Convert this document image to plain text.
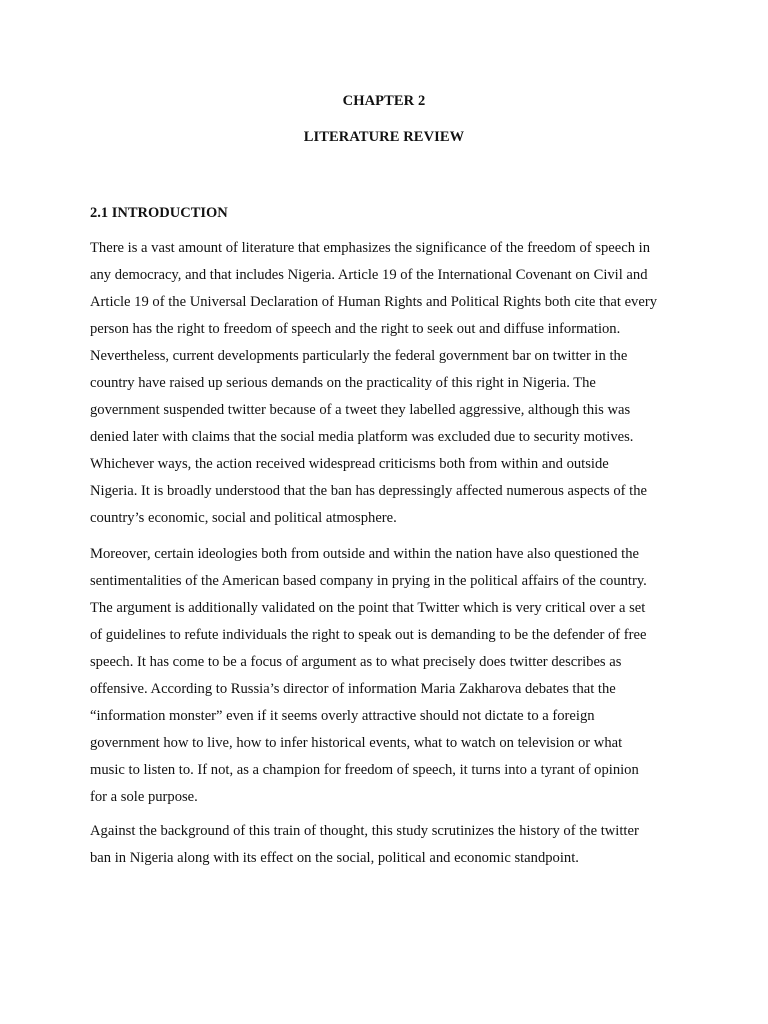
CHAPTER 2
LITERATURE REVIEW
2.1 INTRODUCTION
There is a vast amount of literature that emphasizes the significance of the freedom of speech in
any democracy, and that includes Nigeria. Article 19 of the International Covenant on Civil and
Article 19 of the Universal Declaration of Human Rights and Political Rights both cite that every
person has the right to freedom of speech and the right to seek out and diffuse information.
Nevertheless, current developments particularly the federal government bar on twitter in the
country have raised up serious demands on the practicality of this right in Nigeria. The
government suspended twitter because of a tweet they labelled aggressive, although this was
denied later with claims that the social media platform was excluded due to security motives.
Whichever ways, the action received widespread criticisms both from within and outside
Nigeria. It is broadly understood that the ban has depressingly affected numerous aspects of the
country’s economic, social and political atmosphere.
Moreover, certain ideologies both from outside and within the nation have also questioned the
sentimentalities of the American based company in prying in the political affairs of the country.
The argument is additionally validated on the point that Twitter which is very critical over a set
of guidelines to refute individuals the right to speak out is demanding to be the defender of free
speech. It has come to be a focus of argument as to what precisely does twitter describes as
offensive. According to Russia’s director of information Maria Zakharova debates that the
“information monster” even if it seems overly attractive should not dictate to a foreign
government how to live, how to infer historical events, what to watch on television or what
music to listen to. If not, as a champion for freedom of speech, it turns into a tyrant of opinion
for a sole purpose.
Against the background of this train of thought, this study scrutinizes the history of the twitter
ban in Nigeria along with its effect on the social, political and economic standpoint.
